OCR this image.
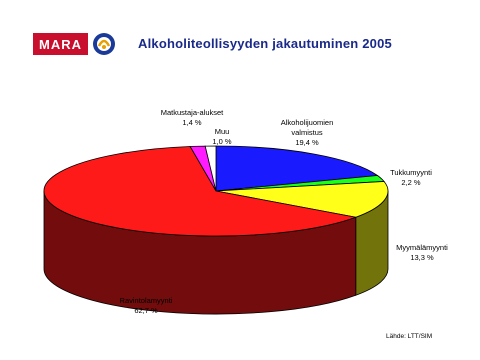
MARA	Alkoholiteollisyyden jakautuminen 2005
Alkoholijuomien
valmistus
19,4 %
Tukkumyynti
2,2 %
Myymälämyynti
13,3 %
Ravintolamyynti
62,7 %
Matkustaja-alukset
1,4 %
Muu
1,0 %
Lähde: LTT/SIM
